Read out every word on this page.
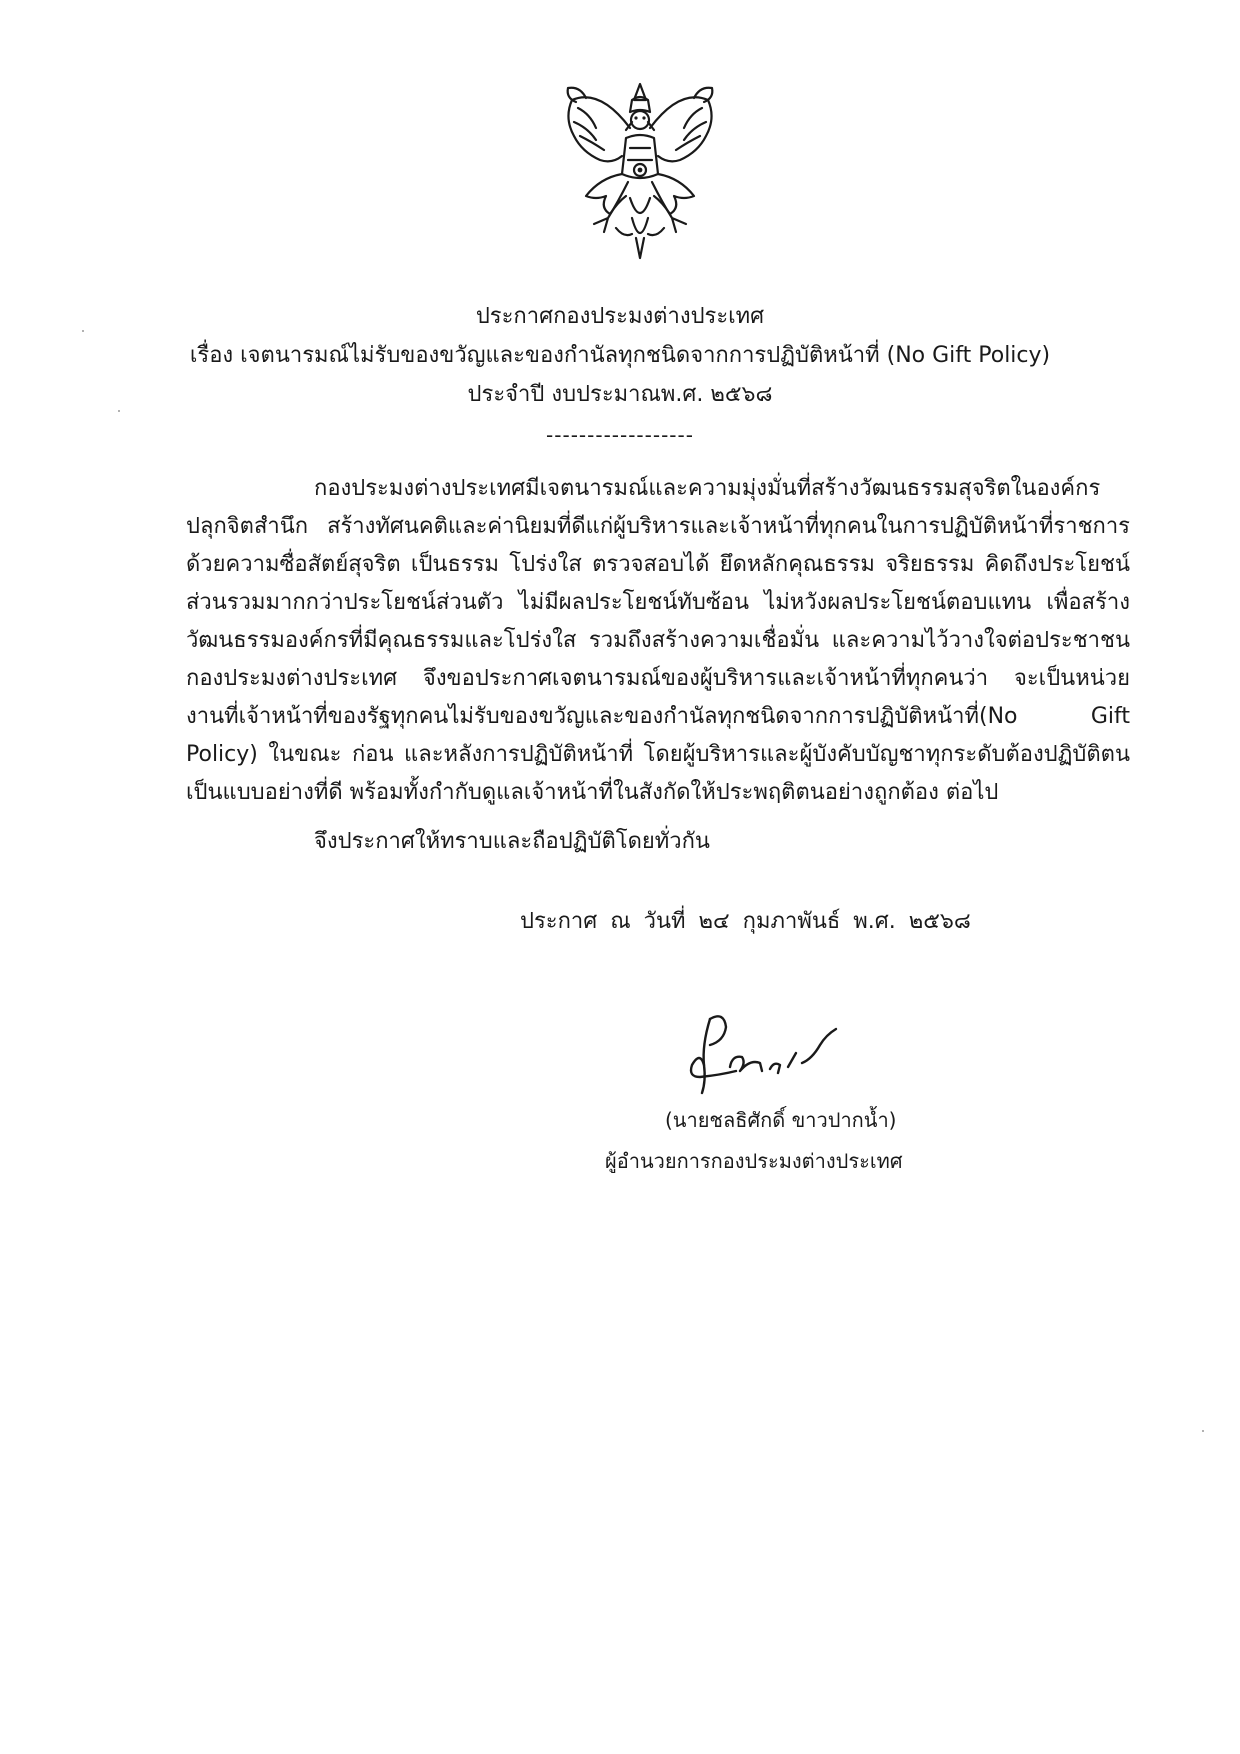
ประกาศกองประมงต่างประเทศ
เรื่อง เจตนารมณ์ไม่รับของขวัญและของกำนัลทุกชนิดจากการปฏิบัติหน้าที่ (No Gift Policy)
ประจำปี งบประมาณพ.ศ. ๒๕๖๘
------------------

กองประมงต่างประเทศมีเจตนารมณ์และความมุ่งมั่นที่สร้างวัฒนธรรมสุจริตในองค์กรปลุกจิตสำนึก สร้างทัศนคติและค่านิยมที่ดีแก่ผู้บริหารและเจ้าหน้าที่ทุกคนในการปฏิบัติหน้าที่ราชการด้วยความซื่อสัตย์สุจริต เป็นธรรม โปร่งใส ตรวจสอบได้ ยึดหลักคุณธรรม จริยธรรม คิดถึงประโยชน์ส่วนรวมมากกว่าประโยชน์ส่วนตัว ไม่มีผลประโยชน์ทับซ้อน ไม่หวังผลประโยชน์ตอบแทน เพื่อสร้างวัฒนธรรมองค์กรที่มีคุณธรรมและโปร่งใส รวมถึงสร้างความเชื่อมั่น และความไว้วางใจต่อประชาชน กองประมงต่างประเทศ จึงขอประกาศเจตนารมณ์ของผู้บริหารและเจ้าหน้าที่ทุกคนว่า จะเป็นหน่วยงานที่เจ้าหน้าที่ของรัฐทุกคนไม่รับของขวัญและของกำนัลทุกชนิดจากการปฏิบัติหน้าที่(No Gift Policy) ในขณะ ก่อน และหลังการปฏิบัติหน้าที่ โดยผู้บริหารและผู้บังคับบัญชาทุกระดับต้องปฏิบัติตนเป็นแบบอย่างที่ดี พร้อมทั้งกำกับดูแลเจ้าหน้าที่ในสังกัดให้ประพฤติตนอย่างถูกต้อง ต่อไป

จึงประกาศให้ทราบและถือปฏิบัติโดยทั่วกัน
ประกาศ ณ วันที่ ๒๔ กุมภาพันธ์ พ.ศ. ๒๕๖๘
(นายชลธิศักดิ์ ขาวปากน้ำ)
ผู้อำนวยการกองประมงต่างประเทศ
